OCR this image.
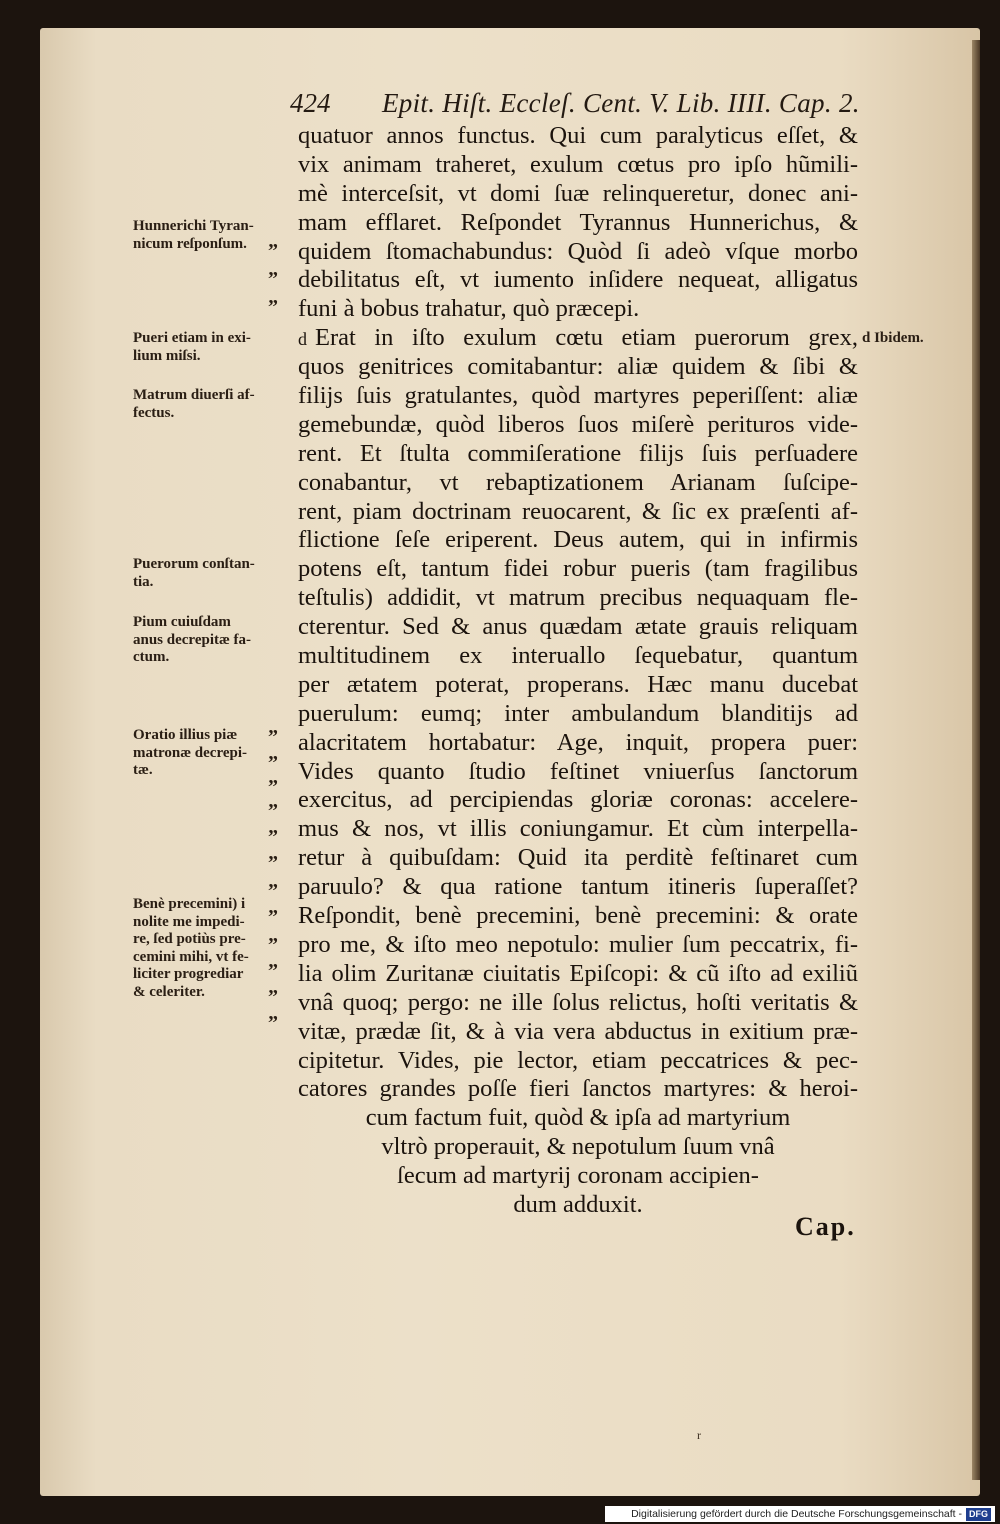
424 Epit. Hiſt. Eccleſ. Cent. V. Lib. IIII. Cap. 2.
quatuor annos functus. Qui cum paralyticus eſſet, &
vix animam traheret, exulum cœtus pro ipſo hũmili-
mè interceſsit, vt domi ſuæ relinqueretur, donec ani-
mam efflaret. Reſpondet Tyrannus Hunnerichus, &
quidem ſtomachabundus: Quòd ſi adeò vſque morbo
debilitatus eſt, vt iumento inſidere nequeat, alligatus
funi à bobus trahatur, quò præcepi.
d Erat in iſto exulum cœtu etiam puerorum grex,
quos genitrices comitabantur: aliæ quidem & ſibi &
filijs ſuis gratulantes, quòd martyres peperiſſent: aliæ
gemebundæ, quòd liberos ſuos miſerè perituros vide-
rent. Et ſtulta commiſeratione filijs ſuis perſuadere
conabantur, vt rebaptizationem Arianam ſuſcipe-
rent, piam doctrinam reuocarent, & ſic ex præſenti af-
flictione ſeſe eriperent. Deus autem, qui in infirmis
potens eſt, tantum fidei robur pueris (tam fragilibus
teſtulis) addidit, vt matrum precibus nequaquam fle-
cterentur. Sed & anus quædam ætate grauis reliquam
multitudinem ex interuallo ſequebatur, quantum
per ætatem poterat, properans. Hæc manu ducebat
puerulum: eumq; inter ambulandum blanditijs ad
alacritatem hortabatur: Age, inquit, propera puer:
Vides quanto ſtudio feſtinet vniuerſus ſanctorum
exercitus, ad percipiendas gloriæ coronas: accelere-
mus & nos, vt illis coniungamur. Et cùm interpella-
retur à quibuſdam: Quid ita perditè feſtinaret cum
paruulo? & qua ratione tantum itineris ſuperaſſet?
Reſpondit, benè precemini, benè precemini: & orate
pro me, & iſto meo nepotulo: mulier ſum peccatrix, fi-
lia olim Zuritanæ ciuitatis Epiſcopi: & cũ iſto ad exiliũ
vnâ quoq; pergo: ne ille ſolus relictus, hoſti veritatis &
vitæ, prædæ ſit, & à via vera abductus in exitium præ-
cipitetur. Vides, pie lector, etiam peccatrices & pec-
catores grandes poſſe fieri ſanctos martyres: & heroi-
cum factum fuit, quòd & ipſa ad martyrium
vltrò properauit, & nepotulum ſuum vnâ
ſecum ad martyrij coronam accipien-
dum adduxit.
d Ibidem.
Hunnerichi Tyran-
nicum reſponſum.
Pueri etiam in exi-
lium miſsi.
Matrum diuerſi af-
fectus.
Puerorum conſtan-
tia.
Pium cuiuſdam
anus decrepitæ fa-
ctum.
Oratio illius piæ
matronæ decrepi-
tæ.
Benè precemini) i
nolite me impedi-
re, ſed potiùs pre-
cemini mihi, vt fe-
liciter progrediar
& celeriter.
”
”
”
”
”
”
”
”
”
”
”
”
”
”
”
Cap.
r
Digitalisierung gefördert durch die Deutsche Forschungsgemeinschaft - DFG
